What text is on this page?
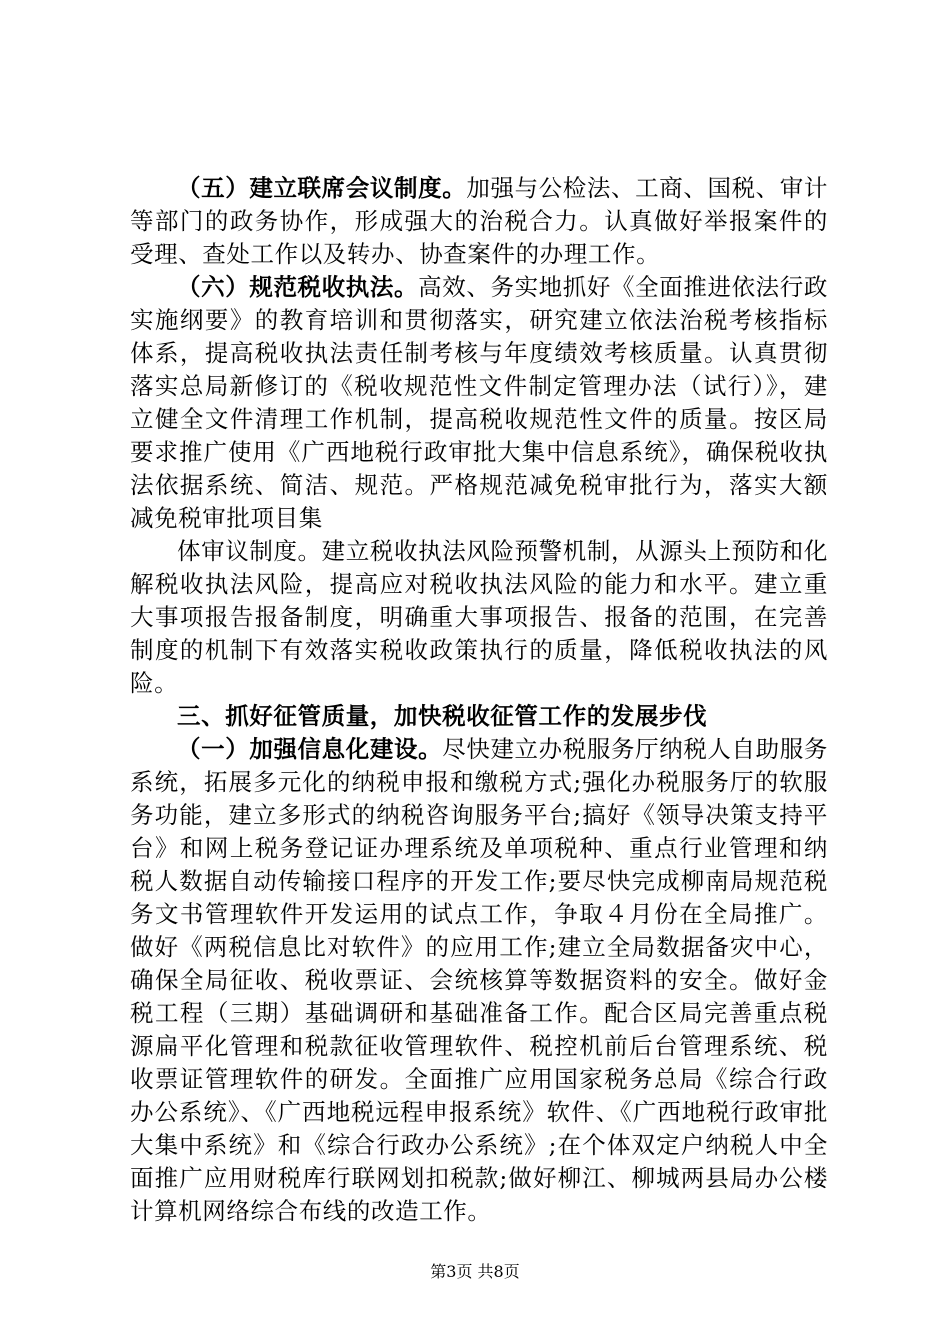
（五）建立联席会议制度。加强与公检法、工商、国税、审计等部门的政务协作，形成强大的治税合力。认真做好举报案件的受理、查处工作以及转办、协查案件的办理工作。

（六）规范税收执法。高效、务实地抓好《全面推进依法行政实施纲要》的教育培训和贯彻落实，研究建立依法治税考核指标体系，提高税收执法责任制考核与年度绩效考核质量。认真贯彻落实总局新修订的《税收规范性文件制定管理办法（试行）》，建立健全文件清理工作机制，提高税收规范性文件的质量。按区局要求推广使用《广西地税行政审批大集中信息系统》，确保税收执法依据系统、简洁、规范。严格规范减免税审批行为，落实大额减免税审批项目集

体审议制度。建立税收执法风险预警机制，从源头上预防和化解税收执法风险，提高应对税收执法风险的能力和水平。建立重大事项报告报备制度，明确重大事项报告、报备的范围，在完善制度的机制下有效落实税收政策执行的质量，降低税收执法的风险。

三、抓好征管质量，加快税收征管工作的发展步伐

（一）加强信息化建设。尽快建立办税服务厅纳税人自助服务系统，拓展多元化的纳税申报和缴税方式;强化办税服务厅的软服务功能，建立多形式的纳税咨询服务平台;搞好《领导决策支持平台》和网上税务登记证办理系统及单项税种、重点行业管理和纳税人数据自动传输接口程序的开发工作;要尽快完成柳南局规范税务文书管理软件开发运用的试点工作，争取４月份在全局推广。做好《两税信息比对软件》的应用工作;建立全局数据备灾中心，确保全局征收、税收票证、会统核算等数据资料的安全。做好金税工程（三期）基础调研和基础准备工作。配合区局完善重点税源扁平化管理和税款征收管理软件、税控机前后台管理系统、税收票证管理软件的研发。全面推广应用国家税务总局《综合行政办公系统》、《广西地税远程申报系统》软件、《广西地税行政审批大集中系统》和《综合行政办公系统》;在个体双定户纳税人中全面推广应用财税库行联网划扣税款;做好柳江、柳城两县局办公楼计算机网络综合布线的改造工作。

第3页 共8页
